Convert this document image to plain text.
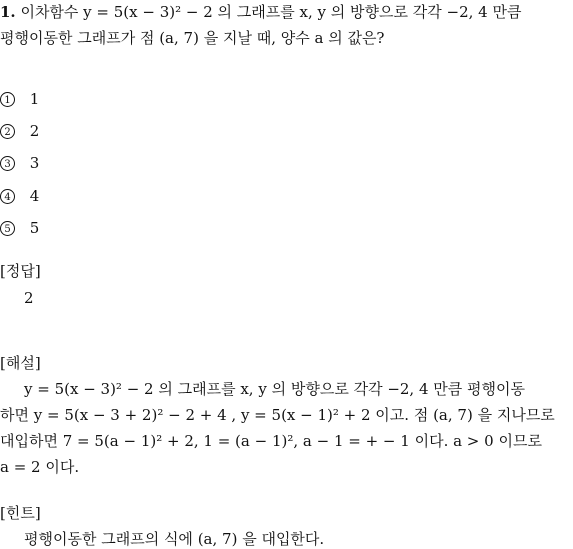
1. 이차함수 y = 5(x − 3)² − 2 의 그래프를 x, y 의 방향으로 각각 −2, 4 만큼
평행이동한 그래프가 점 (a, 7) 을 지날 때, 양수 a 의 값은?
1 1
2 2
3 3
4 4
5 5
[정답]
2
[해설]
y = 5(x − 3)² − 2 의 그래프를 x, y 의 방향으로 각각 −2, 4 만큼 평행이동
하면 y = 5(x − 3 + 2)² − 2 + 4 , y = 5(x − 1)² + 2 이고. 점 (a, 7) 을 지나므로
대입하면 7 = 5(a − 1)² + 2, 1 = (a − 1)², a − 1 = + − 1 이다. a > 0 이므로
a = 2 이다.
[힌트]
평행이동한 그래프의 식에 (a, 7) 을 대입한다.
